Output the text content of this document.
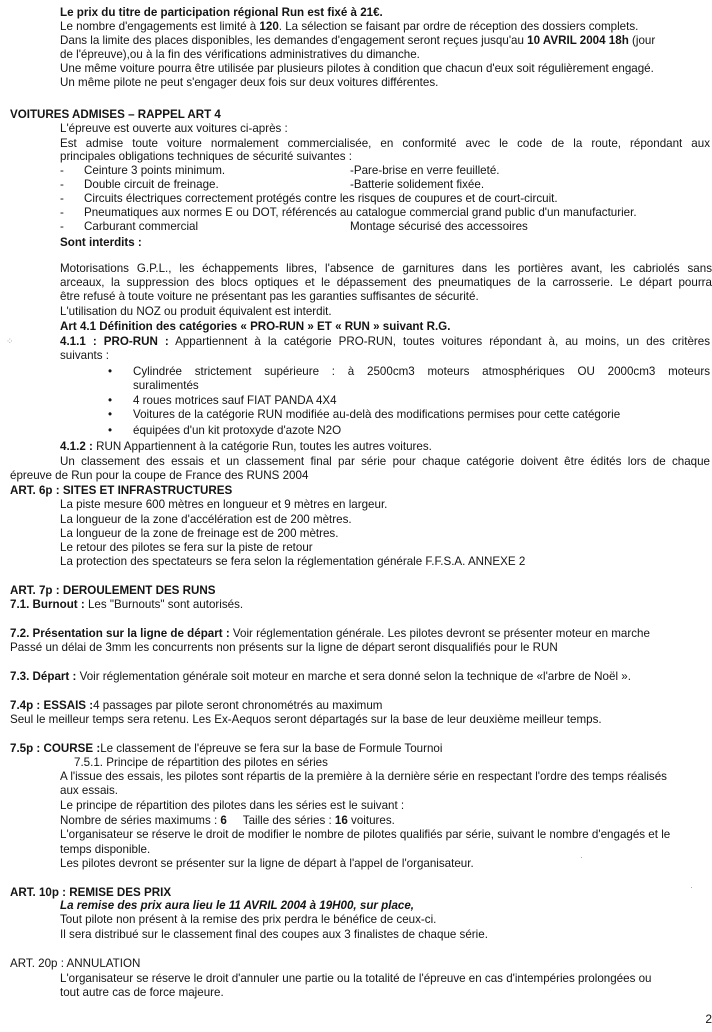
Le prix du titre de participation régional Run est fixé à 21€.
Le nombre d'engagements est limité à 120. La sélection se faisant par ordre de réception des dossiers complets.
Dans la limite des places disponibles, les demandes d'engagement seront reçues jusqu'au 10 AVRIL 2004 18h (jour
de l'épreuve),ou à la fin des vérifications administratives du dimanche.
Une même voiture pourra être utilisée par plusieurs pilotes à condition que chacun d'eux soit régulièrement engagé.
Un même pilote ne peut s'engager deux fois sur deux voitures différentes.
VOITURES ADMISES – RAPPEL ART 4
L'épreuve est ouverte aux voitures ci-après :
Est admise toute voiture normalement commercialisée, en conformité avec le code de la route, répondant aux
principales obligations techniques de sécurité suivantes :
- Ceinture 3 points minimum.	-Pare-brise en verre feuilleté.
- Double circuit de freinage.	-Batterie solidement fixée.
- Circuits électriques correctement protégés contre les risques de coupures et de court-circuit.
- Pneumatiques aux normes E ou DOT, référencés au catalogue commercial grand public d'un manufacturier.
- Carburant commercial	Montage sécurisé des accessoires
Sont interdits :
Motorisations G.P.L., les échappements libres, l'absence de garnitures dans les portières avant, les cabriolés sans
arceaux, la suppression des blocs optiques et le dépassement des pneumatiques de la carrosserie. Le départ pourra
être refusé à toute voiture ne présentant pas les garanties suffisantes de sécurité.
L'utilisation du NOZ ou produit équivalent est interdit.
Art 4.1 Définition des catégories « PRO-RUN » ET « RUN » suivant R.G.
4.1.1 : PRO-RUN : Appartiennent à la catégorie PRO-RUN, toutes voitures répondant à, au moins, un des critères
suivants :
• Cylindrée strictement supérieure : à 2500cm3 moteurs atmosphériques OU 2000cm3 moteurs
suralimentés
• 4 roues motrices sauf FIAT PANDA 4X4
• Voitures de la catégorie RUN modifiée au-delà des modifications permises pour cette catégorie
• équipées d'un kit protoxyde d'azote N2O
4.1.2 : RUN Appartiennent à la catégorie Run, toutes les autres voitures.
Un classement des essais et un classement final par série pour chaque catégorie doivent être édités lors de chaque
épreuve de Run pour la coupe de France des RUNS 2004
ART. 6p : SITES ET INFRASTRUCTURES
La piste mesure 600 mètres en longueur et 9 mètres en largeur.
La longueur de la zone d'accélération est de 200 mètres.
La longueur de la zone de freinage est de 200 mètres.
Le retour des pilotes se fera sur la piste de retour
La protection des spectateurs se fera selon la réglementation générale F.F.S.A. ANNEXE 2
ART. 7p : DEROULEMENT DES RUNS
7.1. Burnout : Les "Burnouts" sont autorisés.
7.2. Présentation sur la ligne de départ : Voir réglementation générale. Les pilotes devront se présenter moteur en marche
Passé un délai de 3mm les concurrents non présents sur la ligne de départ seront disqualifiés pour le RUN
7.3. Départ : Voir réglementation générale soit moteur en marche et sera donné selon la technique de «l'arbre de Noël ».
7.4p : ESSAIS :4 passages par pilote seront chronométrés au maximum
Seul le meilleur temps sera retenu. Les Ex-Aequos seront départagés sur la base de leur deuxième meilleur temps.
7.5p : COURSE :Le classement de l'épreuve se fera sur la base de Formule Tournoi
7.5.1. Principe de répartition des pilotes en séries
A l'issue des essais, les pilotes sont répartis de la première à la dernière série en respectant l'ordre des temps réalisés
aux essais.
Le principe de répartition des pilotes dans les séries est le suivant :
Nombre de séries maximums : 6     Taille des séries : 16 voitures.
L'organisateur se réserve le droit de modifier le nombre de pilotes qualifiés par série, suivant le nombre d'engagés et le
temps disponible.
Les pilotes devront se présenter sur la ligne de départ à l'appel de l'organisateur.
ART. 10p : REMISE DES PRIX
La remise des prix aura lieu le 11 AVRIL 2004 à 19H00, sur place,
Tout pilote non présent à la remise des prix perdra le bénéfice de ceux-ci.
Il sera distribué sur le classement final des coupes aux 3 finalistes de chaque série.
ART. 20p : ANNULATION
L'organisateur se réserve le droit d'annuler une partie ou la totalité de l'épreuve en cas d'intempéries prolongées ou
tout autre cas de force majeure.
⁘
·
·
2
